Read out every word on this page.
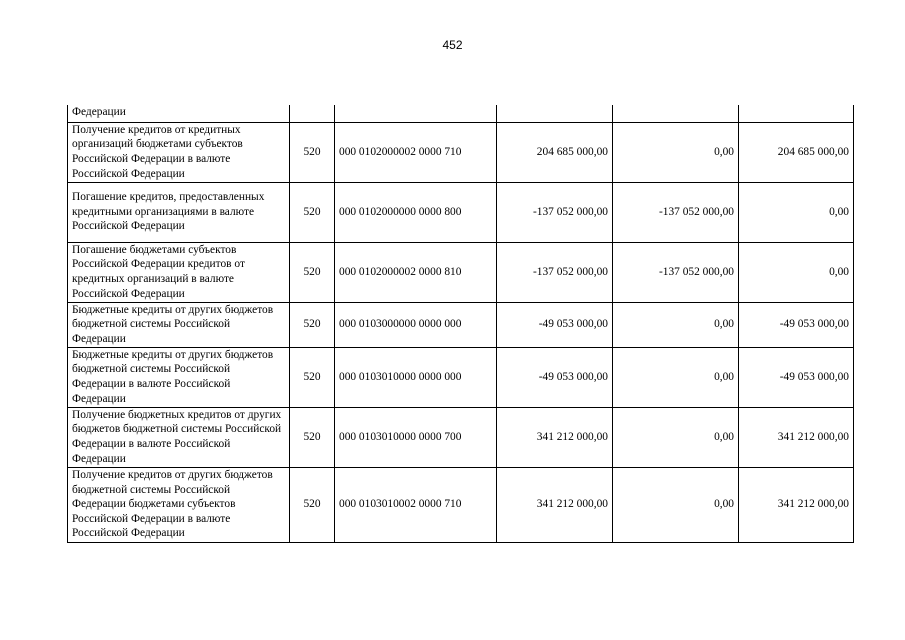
452
Федерации					
Получение кредитов от кредитных организаций бюджетами субъектов Российской Федерации в валюте Российской Федерации	520	000 0102000002 0000 710	204 685 000,00	0,00	204 685 000,00
Погашение кредитов, предоставленных кредитными организациями в валюте Российской Федерации	520	000 0102000000 0000 800	-137 052 000,00	-137 052 000,00	0,00
Погашение бюджетами субъектов Российской Федерации кредитов от кредитных организаций в валюте Российской Федерации	520	000 0102000002 0000 810	-137 052 000,00	-137 052 000,00	0,00
Бюджетные кредиты от других бюджетов бюджетной системы Российской Федерации	520	000 0103000000 0000 000	-49 053 000,00	0,00	-49 053 000,00
Бюджетные кредиты от других бюджетов бюджетной системы Российской Федерации в валюте Российской Федерации	520	000 0103010000 0000 000	-49 053 000,00	0,00	-49 053 000,00
Получение бюджетных кредитов от других бюджетов бюджетной системы Российской Федерации в валюте Российской Федерации	520	000 0103010000 0000 700	341 212 000,00	0,00	341 212 000,00
Получение кредитов от других бюджетов бюджетной системы Российской Федерации бюджетами субъектов Российской Федерации в валюте Российской Федерации	520	000 0103010002 0000 710	341 212 000,00	0,00	341 212 000,00
